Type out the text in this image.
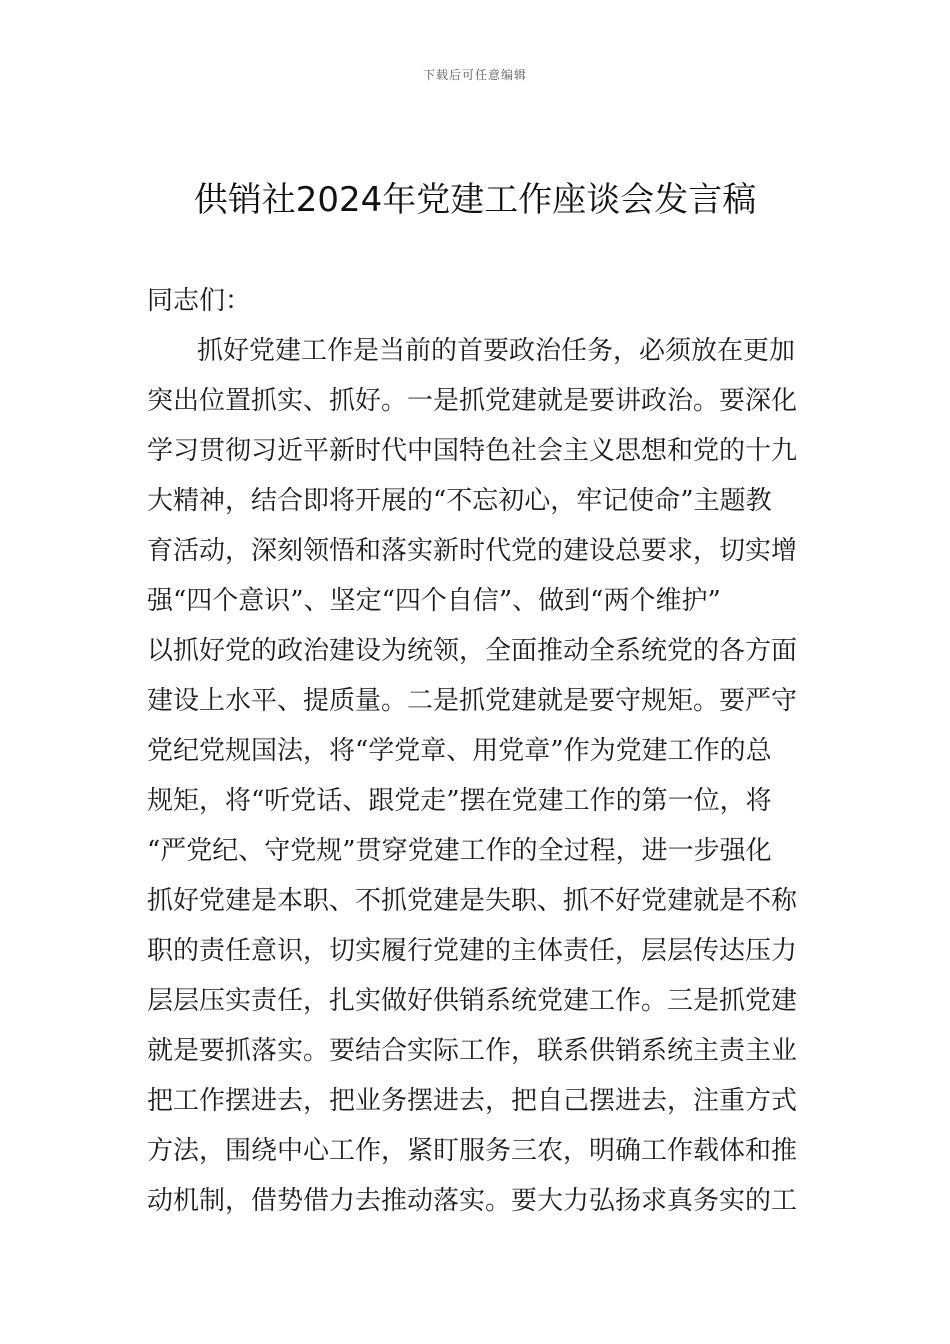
下载后可任意编辑
供销社2024年党建工作座谈会发言稿
同志们：
抓好党建工作是当前的首要政治任务，必须放在更加
突出位置抓实、抓好。一是抓党建就是要讲政治。要深化
学习贯彻习近平新时代中国特色社会主义思想和党的十九
大精神，结合即将开展的“不忘初心，牢记使命”主题教
育活动，深刻领悟和落实新时代党的建设总要求，切实增
强“四个意识”、坚定“四个自信”、做到“两个维护”
以抓好党的政治建设为统领，全面推动全系统党的各方面
建设上水平、提质量。二是抓党建就是要守规矩。要严守
党纪党规国法，将“学党章、用党章”作为党建工作的总
规矩，将“听党话、跟党走”摆在党建工作的第一位，将
“严党纪、守党规”贯穿党建工作的全过程，进一步强化
抓好党建是本职、不抓党建是失职、抓不好党建就是不称
职的责任意识，切实履行党建的主体责任，层层传达压力
层层压实责任，扎实做好供销系统党建工作。三是抓党建
就是要抓落实。要结合实际工作，联系供销系统主责主业
把工作摆进去，把业务摆进去，把自己摆进去，注重方式
方法，围绕中心工作，紧盯服务三农，明确工作载体和推
动机制，借势借力去推动落实。要大力弘扬求真务实的工
